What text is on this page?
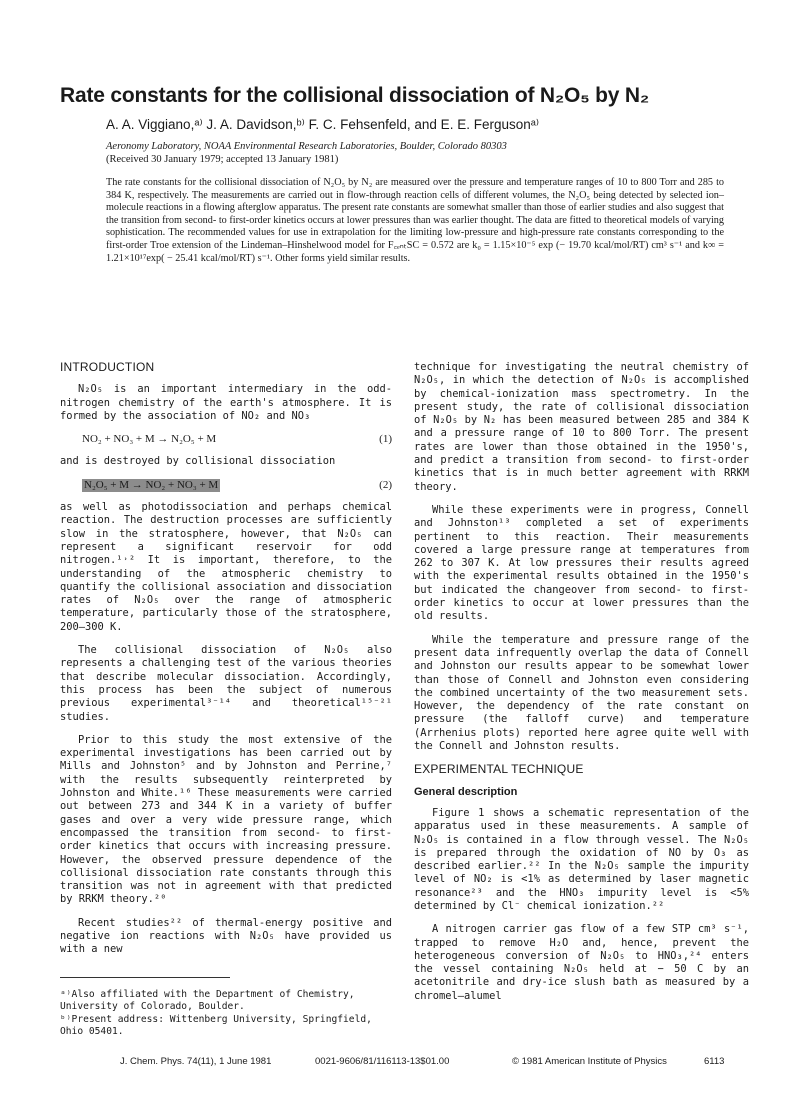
Rate constants for the collisional dissociation of N₂O₅ by N₂
A. A. Viggiano,ᵃ⁾ J. A. Davidson,ᵇ⁾ F. C. Fehsenfeld, and E. E. Fergusonᵃ⁾
Aeronomy Laboratory, NOAA Environmental Research Laboratories, Boulder, Colorado 80303
(Received 30 January 1979; accepted 13 January 1981)

The rate constants for the collisional dissociation of N₂O₅ by N₂ are measured over the pressure and temperature ranges of 10 to 800 Torr and 285 to 384 K, respectively. The measurements are carried out in flow-through reaction cells of different volumes, the N₂O₅ being detected by selected ion–molecule reactions in a flowing afterglow apparatus. The present rate constants are somewhat smaller than those of earlier studies and also suggest that the transition from second- to first-order kinetics occurs at lower pressures than was earlier thought. The data are fitted to theoretical models of varying sophistication. The recommended values for use in extrapolation for the limiting low-pressure and high-pressure rate constants corresponding to the first-order Troe extension of the Lindeman–Hinshelwood model for F꜀ₑₙₜSC = 0.572 are k₀ = 1.15×10⁻⁵ exp (− 19.70 kcal/mol/RT) cm³ s⁻¹ and k∞ = 1.21×10¹⁷exp( − 25.41 kcal/mol/RT) s⁻¹. Other forms yield similar results.

INTRODUCTION

N₂O₅ is an important intermediary in the odd-nitrogen chemistry of the earth's atmosphere. It is formed by the association of NO₂ and NO₃

NO₂ + NO₃ + M → N₂O₅ + M	(1)

and is destroyed by collisional dissociation

N₂O₅ + M → NO₂ + NO₃ + M	(2)

as well as photodissociation and perhaps chemical reaction. The destruction processes are sufficiently slow in the stratosphere, however, that N₂O₅ can represent a significant reservoir for odd nitrogen.¹˒² It is important, therefore, to the understanding of the atmospheric chemistry to quantify the collisional association and dissociation rates of N₂O₅ over the range of atmospheric temperature, particularly those of the stratosphere, 200–300 K.

The collisional dissociation of N₂O₅ also represents a challenging test of the various theories that describe molecular dissociation. Accordingly, this process has been the subject of numerous previous experimental³⁻¹⁴ and theoretical¹⁵⁻²¹ studies.

Prior to this study the most extensive of the experimental investigations has been carried out by Mills and Johnston⁵ and by Johnston and Perrine,⁷ with the results subsequently reinterpreted by Johnston and White.¹⁶ These measurements were carried out between 273 and 344 K in a variety of buffer gases and over a very wide pressure range, which encompassed the transition from second- to first-order kinetics that occurs with increasing pressure. However, the observed pressure dependence of the collisional dissociation rate constants through this transition was not in agreement with that predicted by RRKM theory.²⁰

Recent studies²² of thermal-energy positive and negative ion reactions with N₂O₅ have provided us with a new

technique for investigating the neutral chemistry of N₂O₅, in which the detection of N₂O₅ is accomplished by chemical-ionization mass spectrometry. In the present study, the rate of collisional dissociation of N₂O₅ by N₂ has been measured between 285 and 384 K and a pressure range of 10 to 800 Torr. The present rates are lower than those obtained in the 1950's, and predict a transition from second- to first-order kinetics that is in much better agreement with RRKM theory.

While these experiments were in progress, Connell and Johnston¹³ completed a set of experiments pertinent to this reaction. Their measurements covered a large pressure range at temperatures from 262 to 307 K. At low pressures their results agreed with the experimental results obtained in the 1950's but indicated the changeover from second- to first-order kinetics to occur at lower pressures than the old results.

While the temperature and pressure range of the present data infrequently overlap the data of Connell and Johnston our results appear to be somewhat lower than those of Connell and Johnston even considering the combined uncertainty of the two measurement sets. However, the dependency of the rate constant on pressure (the falloff curve) and temperature (Arrhenius plots) reported here agree quite well with the Connell and Johnston results.

EXPERIMENTAL TECHNIQUE
General description

Figure 1 shows a schematic representation of the apparatus used in these measurements. A sample of N₂O₅ is contained in a flow through vessel. The N₂O₅ is prepared through the oxidation of NO by O₃ as described earlier.²² In the N₂O₅ sample the impurity level of NO₂ is <1% as determined by laser magnetic resonance²³ and the HNO₃ impurity level is <5% determined by Cl⁻ chemical ionization.²²

A nitrogen carrier gas flow of a few STP cm³ s⁻¹, trapped to remove H₂O and, hence, prevent the heterogeneous conversion of N₂O₅ to HNO₃,²⁴ enters the vessel containing N₂O₅ held at − 50 C by an acetonitrile and dry-ice slush bath as measured by a chromel–alumel

ᵃ⁾Also affiliated with the Department of Chemistry, University of Colorado, Boulder.
ᵇ⁾Present address: Wittenberg University, Springfield, Ohio 05401.
J. Chem. Phys. 74(11), 1 June 1981	0021-9606/81/116113-13$01.00	© 1981 American Institute of Physics	6113
